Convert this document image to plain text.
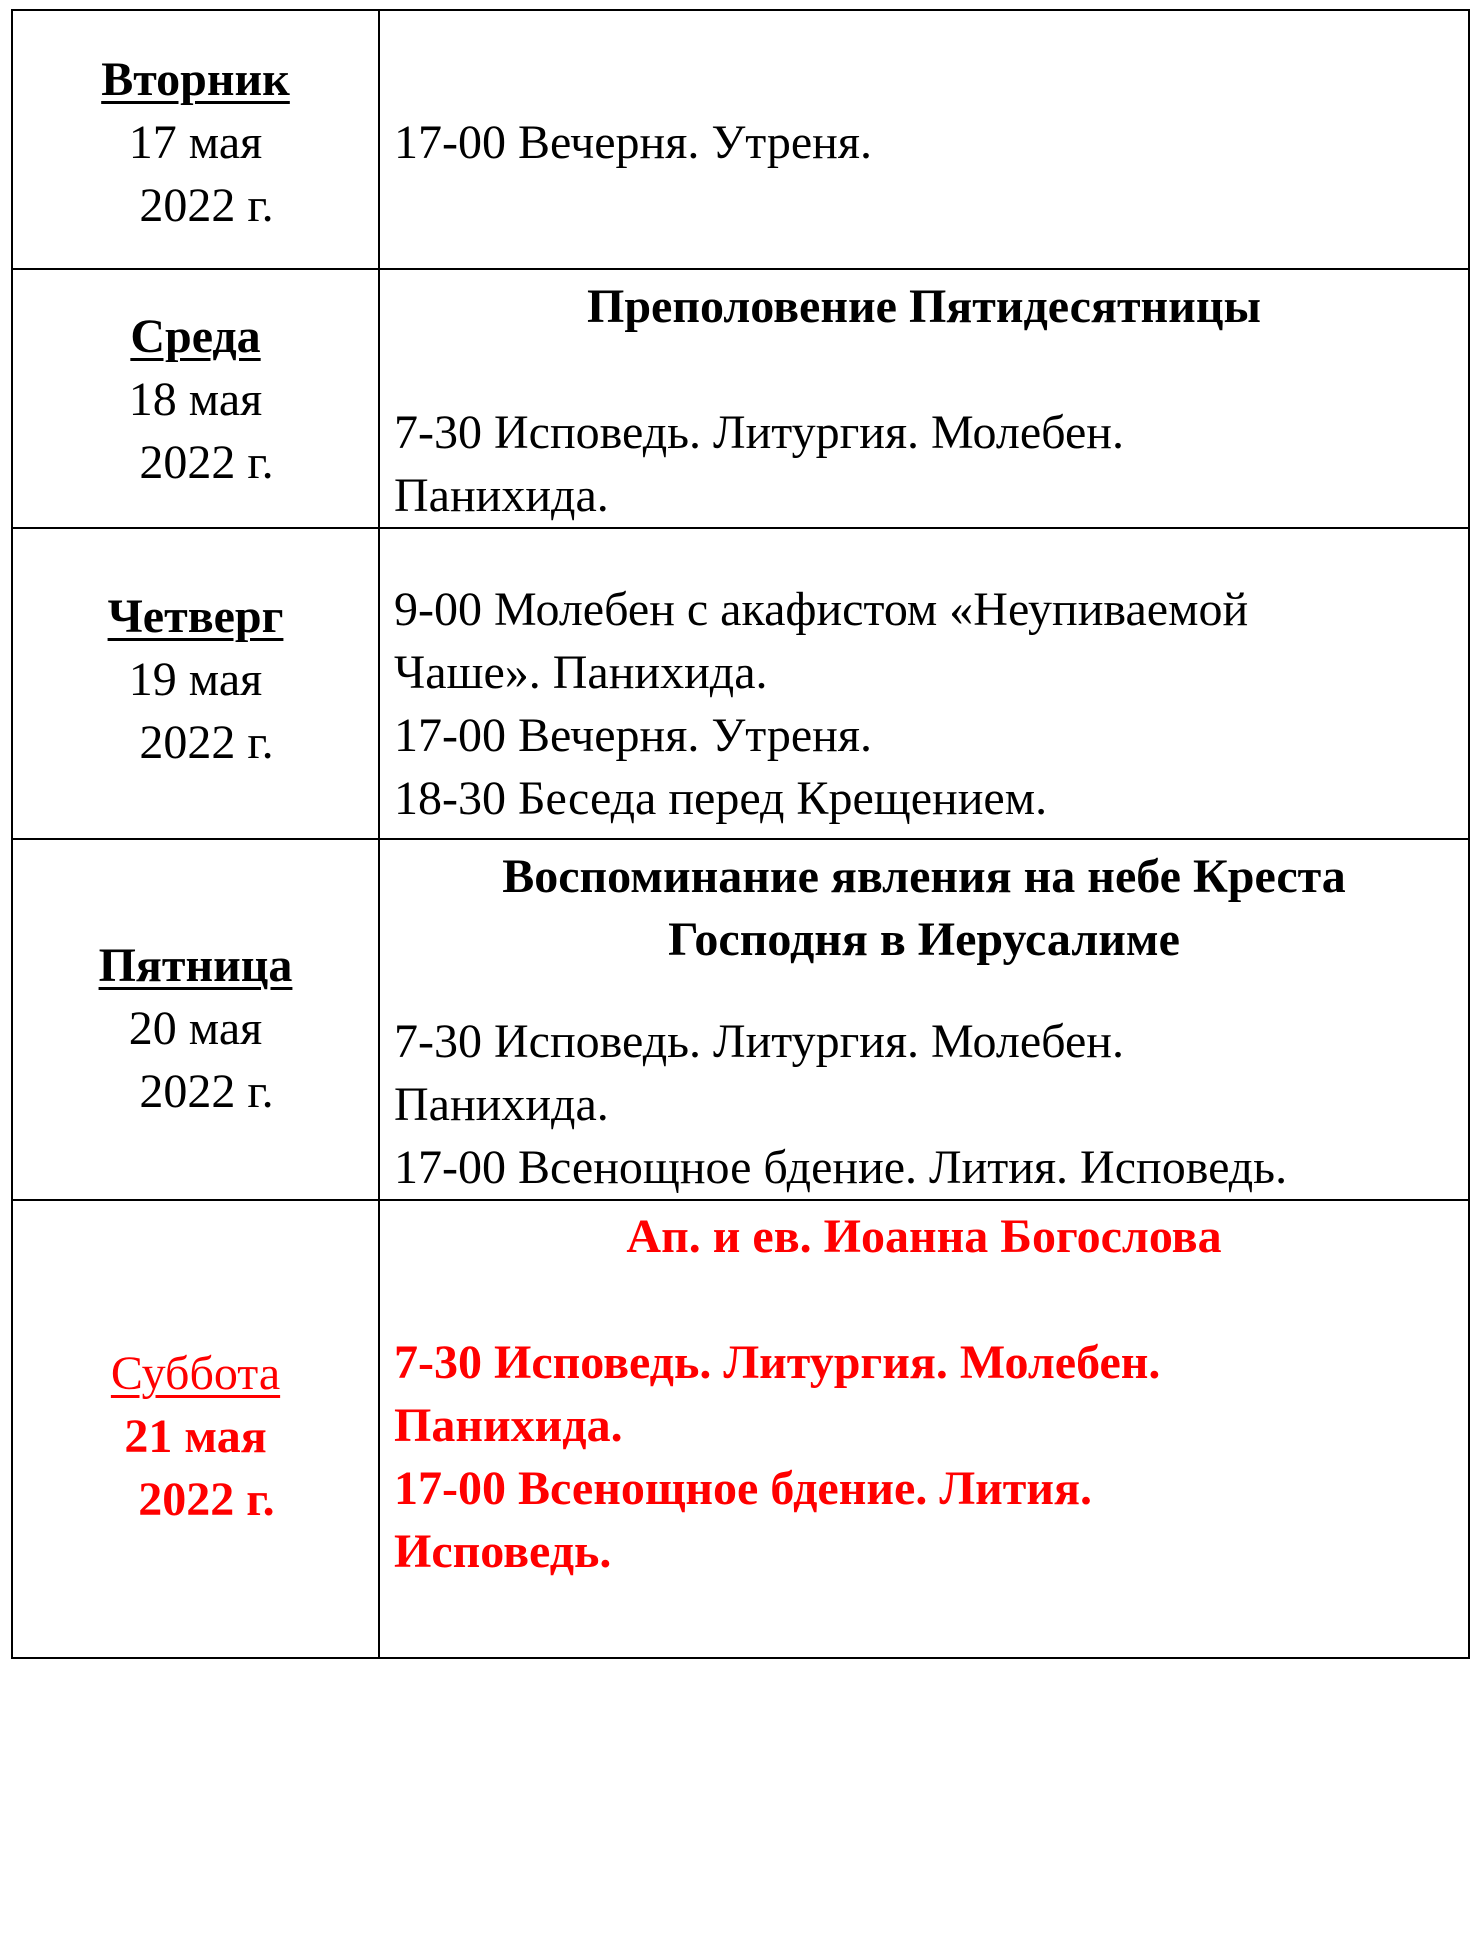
Вторник
17 мая
2022 г.
17-00 Вечерня. Утреня.
Среда
18 мая
2022 г.
Преполовение Пятидесятницы
7-30 Исповедь. Литургия. Молебен.
Панихида.
Четверг
19 мая
2022 г.
9-00 Молебен с акафистом «Неупиваемой
Чаше». Панихида.
17-00 Вечерня. Утреня.
18-30 Беседа перед Крещением.
Пятница
20 мая
2022 г.
Воспоминание явления на небе Креста
Господня в Иерусалиме
7-30 Исповедь. Литургия. Молебен.
Панихида.
17-00 Всенощное бдение. Лития. Исповедь.
Суббота
21 мая
2022 г.
Ап. и ев. Иоанна Богослова
7-30 Исповедь. Литургия. Молебен.
Панихида.
17-00 Всенощное бдение. Лития.
Исповедь.
